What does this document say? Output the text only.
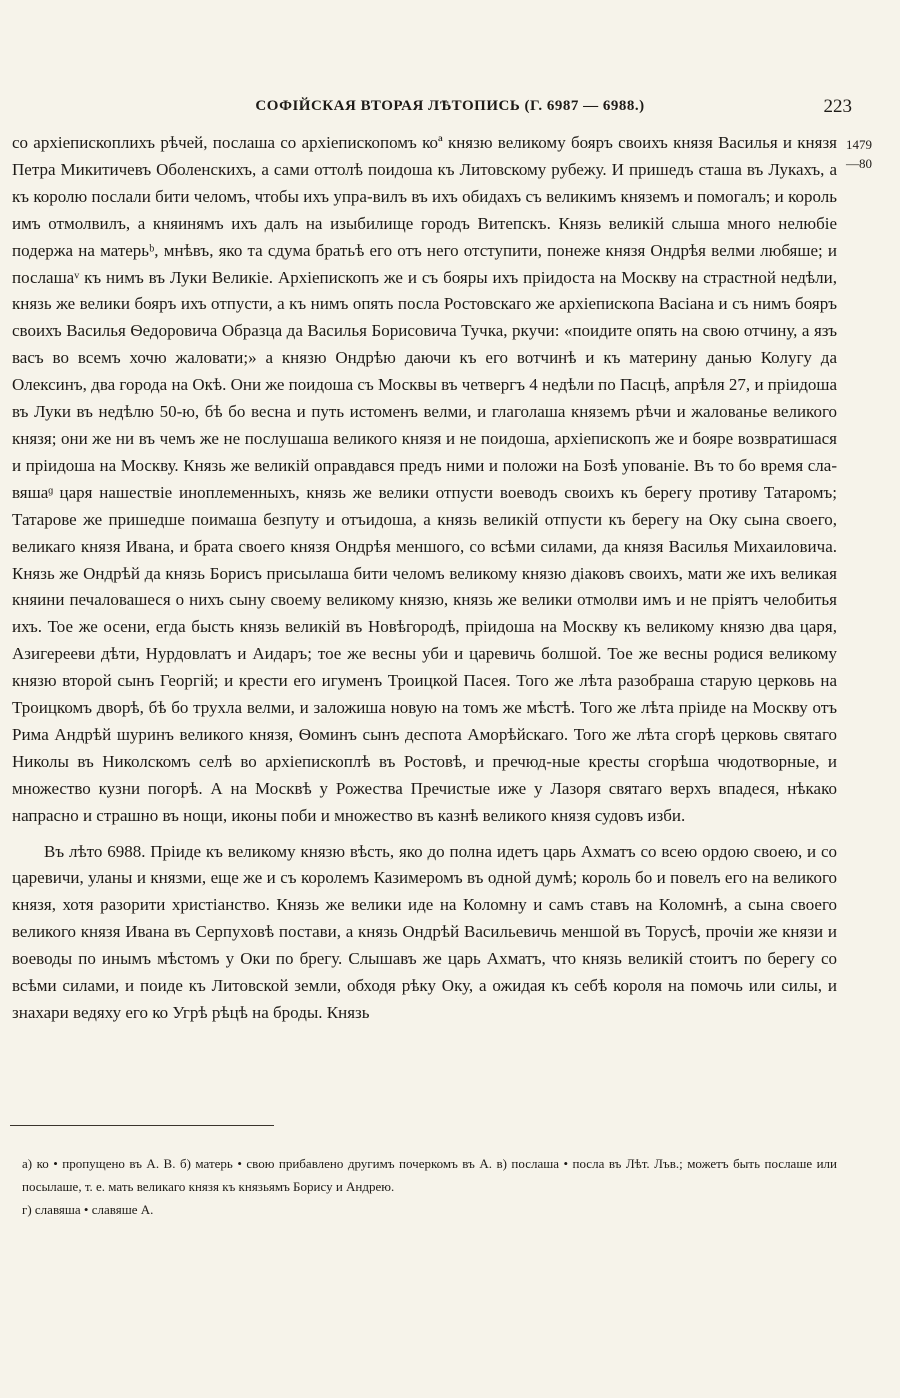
СОФІЙСКАЯ ВТОРАЯ ЛѢТОПИСЬ (Г. 6987 — 6988.)	223
1479
—80

со архіепископлихъ рѣчей, послаша со архіепископомъ коª князю великому бояръ своихъ князя Василья и князя Петра Микитичевъ Оболенскихъ, а сами оттолѣ поидоша къ Литовскому рубежу. И пришедъ сташа въ Лукахъ, а къ королю послали бити челомъ, чтобы ихъ упра-вилъ въ ихъ обидахъ съ великимъ княземъ и помогалъ; и король имъ отмолвилъ, а княинямъ ихъ далъ на изыбилище городъ Витепскъ. Князь великій слыша много нелюбіе подержа на матерьᵇ, мнѣвъ, яко та сдума братьѣ его отъ него отступити, понеже князя Ондрѣя велми любяше; и послашаᵛ къ нимъ въ Луки Великіе. Архіепископъ же и съ бояры ихъ пріидоста на Москву на страстной недѣли, князь же велики бояръ ихъ отпусти, а къ нимъ опять посла Ростовскаго же архіепископа Васіана и съ нимъ бояръ своихъ Василья Ѳедоровича Образца да Василья Борисовича Тучка, ркучи: «поидите опять на свою отчину, а язъ васъ во всемъ хочю жаловати;» а князю Ондрѣю даючи къ его вотчинѣ и къ материну данью Колугу да Олексинъ, два города на Окѣ. Они же поидоша съ Москвы въ четвергъ 4 недѣли по Пасцѣ, апрѣля 27, и пріидоша въ Луки въ недѣлю 50-ю, бѣ бо весна и путь истоменъ велми, и глаголаша княземъ рѣчи и жалованье великого князя; они же ни въ чемъ же не послушаша великого князя и не поидоша, архіепископъ же и бояре возвратишася и пріидоша на Москву. Князь же великій оправдався предъ ними и положи на Бозѣ упованіе. Въ то бо время сла-вяшаᶢ царя нашествіе иноплеменныхъ, князь же велики отпусти воеводъ своихъ къ берегу противу Татаромъ; Татарове же пришедше поимаша безпуту и отъидоша, а князь великій отпусти къ берегу на Оку сына своего, великаго князя Ивана, и брата своего князя Ондрѣя меншого, со всѣми силами, да князя Василья Михаиловича. Князь же Ондрѣй да князь Борисъ присылаша бити челомъ великому князю діаковъ своихъ, мати же ихъ великая княини печаловашеся о нихъ сыну своему великому князю, князь же велики отмолви имъ и не пріятъ челобитья ихъ. Тое же осени, егда бысть князь великій въ Новѣгородѣ, пріидоша на Москву къ великому князю два царя, Азигерееви дѣти, Нурдовлатъ и Аидаръ; тое же весны уби и царевичь болшой. Тое же весны родися великому князю второй сынъ Георгій; и крести его игуменъ Троицкой Пасея. Того же лѣта разобраша старую церковь на Троицкомъ дворѣ, бѣ бо трухла велми, и заложиша новую на томъ же мѣстѣ. Того же лѣта пріиде на Москву отъ Рима Андрѣй шуринъ великого князя, Ѳоминъ сынъ деспота Аморѣйскаго. Того же лѣта сгорѣ церковь святаго Николы въ Николскомъ селѣ во архіепископлѣ въ Ростовѣ, и пречюд-ные кресты сгорѣша чюдотворные, и множество кузни погорѣ. А на Москвѣ у Рожества Пречистые иже у Лазоря святаго верхъ впадеся, нѣкако напрасно и страшно въ нощи, иконы поби и множество въ казнѣ великого князя судовъ изби.

Въ лѣто 6988. Пріиде къ великому князю вѣсть, яко до полна идетъ царь Ахматъ со всею ордою своею, и со царевичи, уланы и князми, еще же и съ королемъ Казимеромъ въ одной думѣ; король бо и повелъ его на великого князя, хотя разорити христіанство. Князь же велики иде на Коломну и самъ ставъ на Коломнѣ, а сына своего великого князя Ивана въ Серпуховѣ постави, а князь Ондрѣй Васильевичь меншой въ Торусѣ, прочіи же князи и воеводы по инымъ мѣстомъ у Оки по брегу. Слышавъ же царь Ахматъ, что князь великій стоитъ по берегу со всѣми силами, и поиде къ Литовской земли, обходя рѣку Оку, а ожидая къ себѣ короля на помочь или силы, и знахари ведяху его ко Угрѣ рѣцѣ на броды. Князь

а) ко • пропущено въ А. В. б) матерь • свою прибавлено другимъ почеркомъ въ А. в) послаша • посла въ Лѣт. Лъв.; можетъ быть послаше или посылаше, т. е. мать великаго князя къ князьямъ Борису и Андрею.

г) славяша • славяше А.
